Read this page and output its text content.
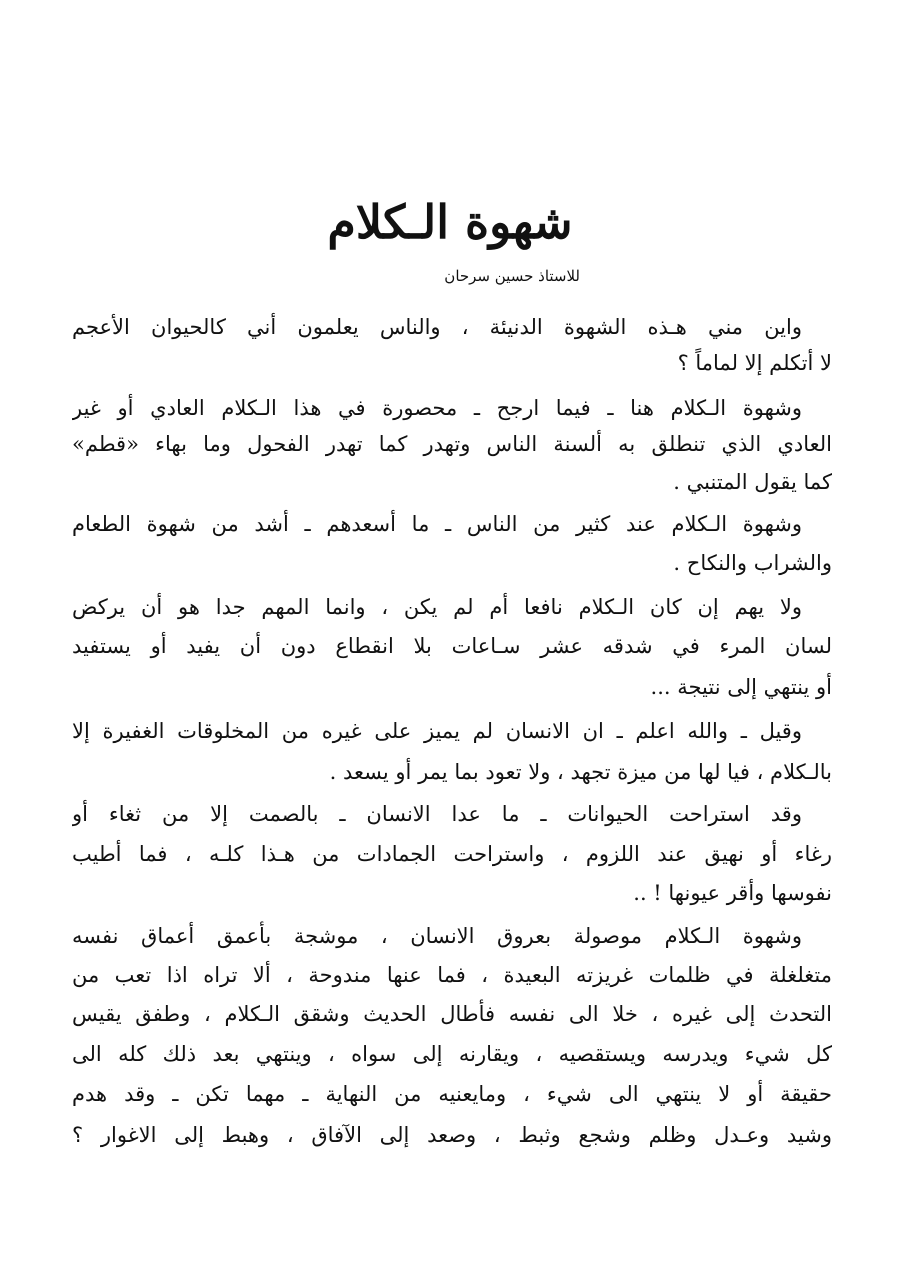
شهوة الـكلام

للاستاذ حسين سرحان

واين مني هـذه الشهوة الدنيئة ، والناس يعلمون أني كالحيوان الأعجم
لا أتكلم إلا لماماً ؟
وشهوة الـكلام هنا ـ فيما ارجح ـ محصورة في هذا الـكلام العادي أو غير
العادي الذي تنطلق به ألسنة الناس وتهدر كما تهدر الفحول وما بهاء «قطم»
كما يقول المتنبي .
وشهوة الـكلام عند كثير من الناس ـ ما أسعدهم ـ أشد من شهوة الطعام
والشراب والنكاح .
ولا يهم إن كان الـكلام نافعا أم لم يكن ، وانما المهم جدا هو أن يركض
لسان المرء في شدقه عشر سـاعات بلا انقطاع دون أن يفيد أو يستفيد
أو ينتهي إلى نتيجة ...
وقيل ـ والله اعلم ـ ان الانسان لم يميز على غيره من المخلوقات الغفيرة إلا
بالـكلام ، فيا لها من ميزة تجهد ، ولا تعود بما يمر أو يسعد .
وقد استراحت الحيوانات ـ ما عدا الانسان ـ بالصمت إلا من ثغاء أو
رغاء أو نهيق عند اللزوم ، واستراحت الجمادات من هـذا كلـه ، فما أطيب
نفوسها وأقر عيونها ! ..
وشهوة الـكلام موصولة بعروق الانسان ، موشجة بأعمق أعماق نفسه
متغلغلة في ظلمات غريزته البعيدة ، فما عنها مندوحة ، ألا تراه اذا تعب من
التحدث إلى غيره ، خلا الى نفسه فأطال الحديث وشقق الـكلام ، وطفق يقيس
كل شيء ويدرسه ويستقصيه ، ويقارنه إلى سواه ، وينتهي بعد ذلك كله الى
حقيقة أو لا ينتهي الى شيء ، ومايعنيه من النهاية ـ مهما تكن ـ وقد هدم
وشيد وعـدل وظلم وشجع وثبط ، وصعد إلى الآفاق ، وهبط إلى الاغوار ؟
